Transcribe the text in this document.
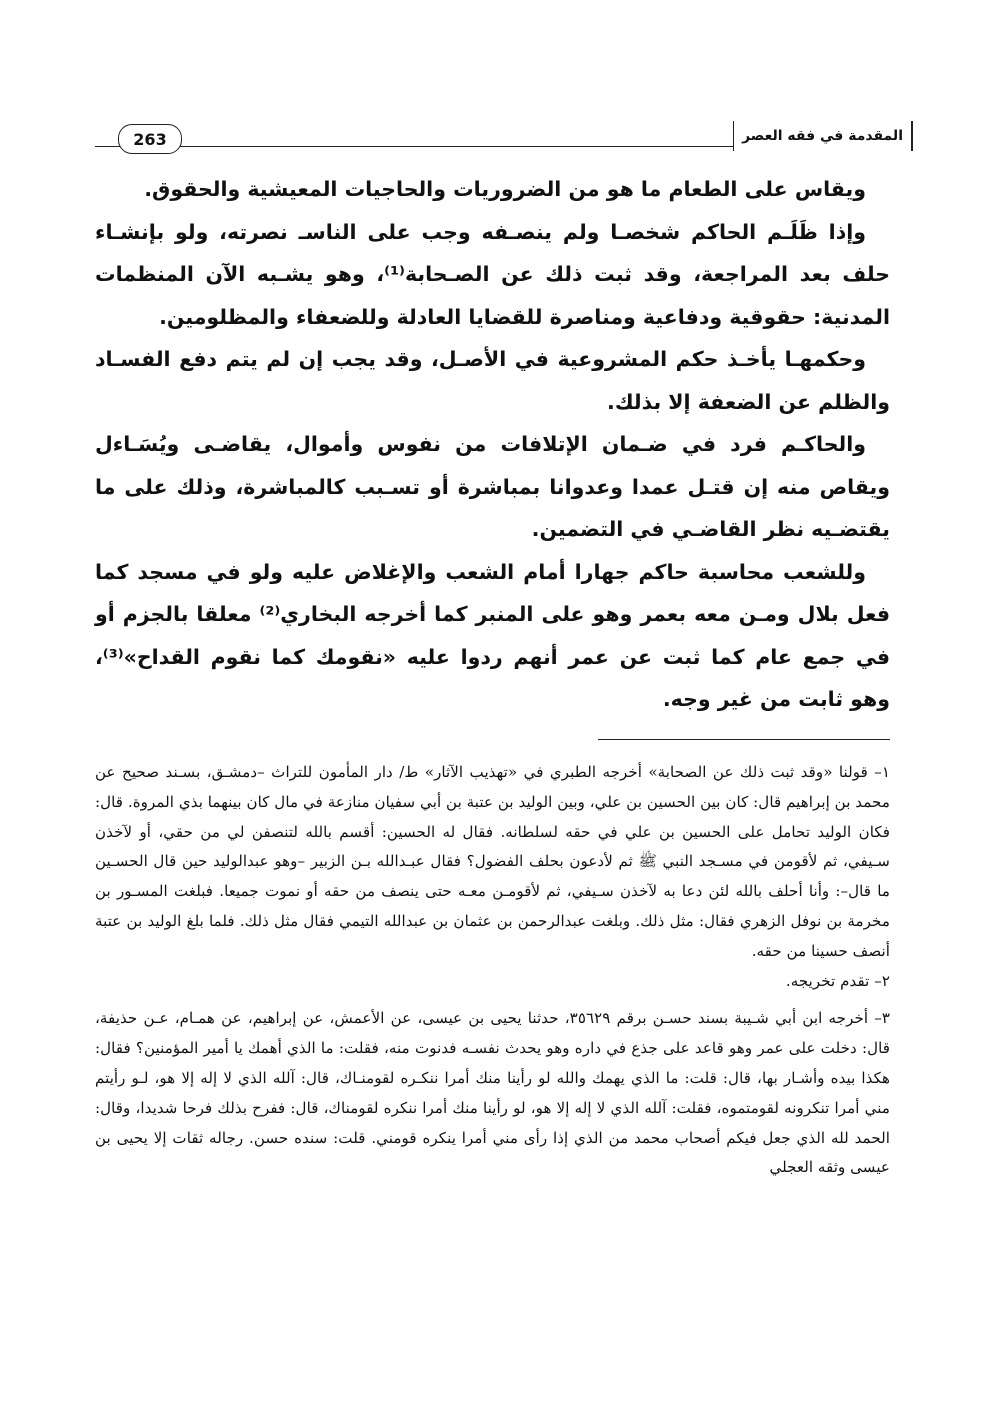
263	المقدمة في فقه العصر

ويقاس على الطعام ما هو من الضروريات والحاجيات المعيشية والحقوق.

وإذا ظَلَـم الحاكم شخصـا ولم ينصـفه وجب على الناسـ نصرته، ولو بإنشـاء حلف بعد المراجعة، وقد ثبت ذلك عن الصـحابة⁽¹⁾، وهو يشـبه الآن المنظمات المدنية: حقوقية ودفاعية ومناصرة للقضايا العادلة وللضعفاء والمظلومين.

وحكمهـا يأخـذ حكم المشروعية في الأصـل، وقد يجب إن لم يتم دفع الفسـاد والظلم عن الضعفة إلا بذلك.

والحاكـم فرد في ضـمان الإتلافات من نفوس وأموال، يقاضـى ويُسَـاءل ويقاص منه إن قتـل عمدا وعدوانا بمباشرة أو تسـبب كالمباشرة، وذلك على ما يقتضـيه نظر القاضـي في التضمين.

وللشعب محاسبة حاكم جهارا أمام الشعب والإغلاض عليه ولو في مسجد كما فعل بلال ومـن معه بعمر وهو على المنبر كما أخرجه البخاري⁽²⁾ معلقا بالجزم أو في جمع عام كما ثبت عن عمر أنهم ردوا عليه «نقومك كما نقوم القداح»⁽³⁾، وهو ثابت من غير وجه.

١– قولنا «وقد ثبت ذلك عن الصحابة» أخرجه الطبري في «تهذيب الآثار» ط/ دار المأمون للتراث –دمشـق، بسـند صحيح عن محمد بن إبراهيم قال: كان بين الحسين بن علي، وبين الوليد بن عتبة بن أبي سفيان منازعة في مال كان بينهما بذي المروة. قال: فكان الوليد تحامل على الحسين بن علي في حقه لسلطانه. فقال له الحسين: أقسم بالله لتنصفن لي من حقي، أو لآخذن سـيفي، ثم لأقومن في مسـجد النبي ﷺ ثم لأدعون بحلف الفضول؟ فقال عبـدالله بـن الزبير –وهو عبدالوليد حين قال الحسـين ما قال–: وأنا أحلف بالله لئن دعا به لآخذن سـيفي، ثم لأقومـن معـه حتى ينصف من حقه أو نموت جميعا. فبلغت المسـور بن مخرمة بن نوفل الزهري فقال: مثل ذلك. وبلغت عبدالرحمن بن عثمان بن عبدالله التيمي فقال مثل ذلك. فلما بلغ الوليد بن عتبة أنصف حسينا من حقه.

٢– تقدم تخريجه.

٣– أخرجه ابن أبي شـيبة بسند حسـن برقم ٣٥٦٢٩، حدثنا يحيى بن عيسى، عن الأعمش، عن إبراهيم، عن همـام، عـن حذيفة، قال: دخلت على عمر وهو قاعد على جذع في داره وهو يحدث نفسـه فدنوت منه، فقلت: ما الذي أهمك يا أمير المؤمنين؟ فقال: هكذا بيده وأشـار بها، قال: قلت: ما الذي يهمك والله لو رأينا منك أمرا ننكـره لقومنـاك، قال: آلله الذي لا إله إلا هو، لـو رأيتم مني أمرا تنكرونه لقومتموه، فقلت: آلله الذي لا إله إلا هو، لو رأينا منك أمرا ننكره لقومناك، قال: ففرح بذلك فرحا شديدا، وقال: الحمد لله الذي جعل فيكم أصحاب محمد من الذي إذا رأى مني أمرا ينكره قومني. قلت: سنده حسن. رجاله ثقات إلا يحيى بن عيسى وثقه العجلي
